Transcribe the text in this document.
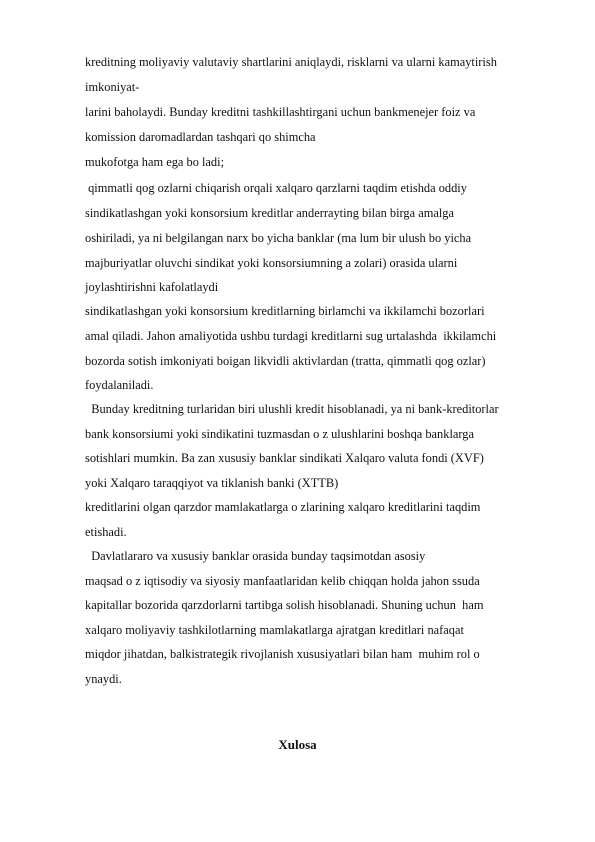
kreditning moliyaviy valutaviy shartlarini aniqlaydi, risklarni va ularni kamaytirish
imkoniyat-
larini baholaydi. Bunday kreditni tashkillashtirgani uchun bankmenejer foiz va
komission daromadlardan tashqari qo shimcha
mukofotga ham ega bo ladi;
qimmatli qog ozlarni chiqarish orqali xalqaro qarzlarni taqdim etishda oddiy
sindikatlashgan yoki konsorsium kreditlar anderrayting bilan birga amalga
oshiriladi, ya ni belgilangan narx bo yicha banklar (ma lum bir ulush bo yicha
majburiyatlar oluvchi sindikat yoki konsorsiumning a zolari) orasida ularni
joylashtirishni kafolatlaydi
sindikatlashgan yoki konsorsium kreditlarning birlamchi va ikkilamchi bozorlari
amal qiladi. Jahon amaliyotida ushbu turdagi kreditlarni sug urtalashda  ikkilamchi
bozorda sotish imkoniyati boigan likvidli aktivlardan (tratta, qimmatli qog ozlar)
foydalaniladi.
Bunday kreditning turlaridan biri ulushli kredit hisoblanadi, ya ni bank-kreditorlar
bank konsorsiumi yoki sindikatini tuzmasdan o z ulushlarini boshqa banklarga
sotishlari mumkin. Ba zan xususiy banklar sindikati Xalqaro valuta fondi (XVF)
yoki Xalqaro taraqqiyot va tiklanish banki (XTTB)
kreditlarini olgan qarzdor mamlakatlarga o zlarining xalqaro kreditlarini taqdim
etishadi.
Davlatlararo va xususiy banklar orasida bunday taqsimotdan asosiy
maqsad o z iqtisodiy va siyosiy manfaatlaridan kelib chiqqan holda jahon ssuda
kapitallar bozorida qarzdorlarni tartibga solish hisoblanadi. Shuning uchun  ham
xalqaro moliyaviy tashkilotlarning mamlakatlarga ajratgan kreditlari nafaqat
miqdor jihatdan, balkistrategik rivojlanish xususiyatlari bilan ham  muhim rol o
ynaydi.
Xulosa
